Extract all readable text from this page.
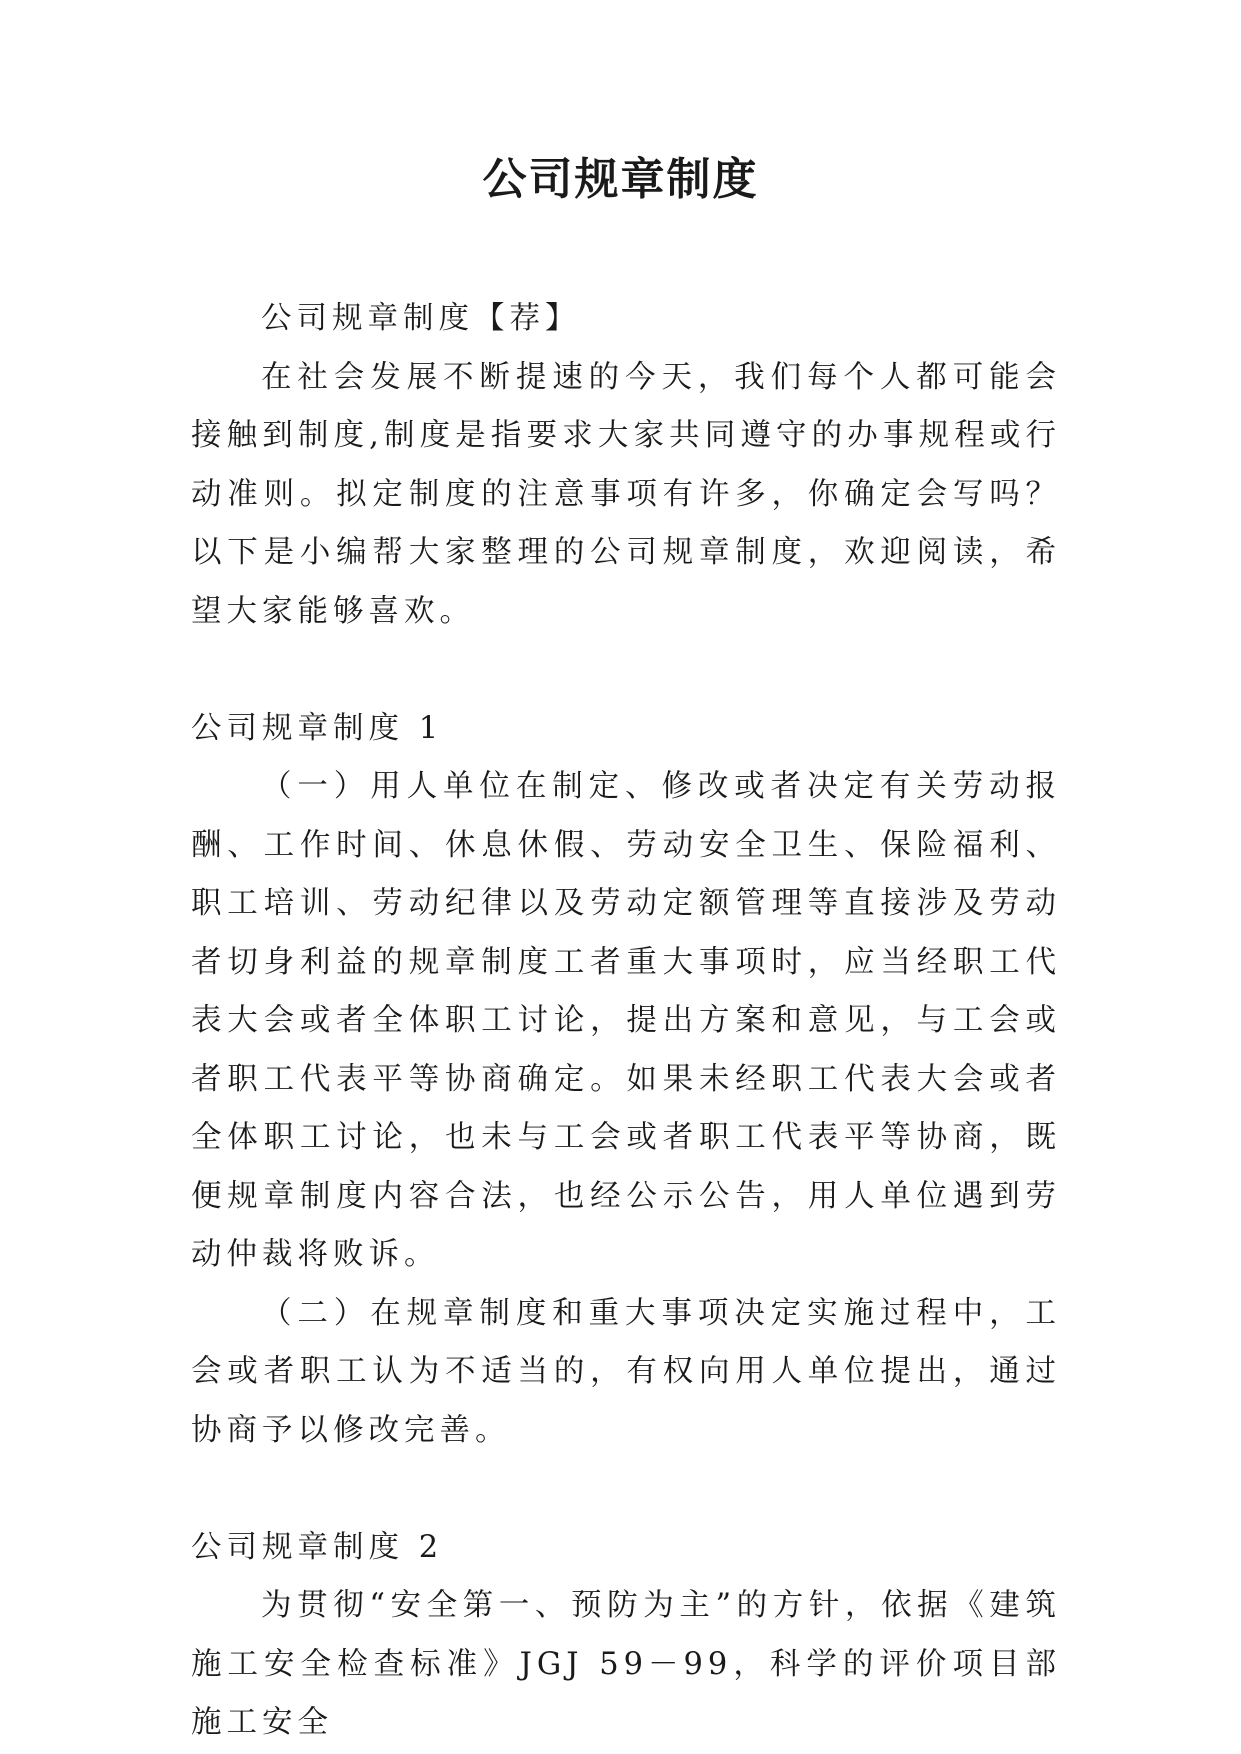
公司规章制度

公司规章制度【荐】

在社会发展不断提速的今天，我们每个人都可能会接触到制度,制度是指要求大家共同遵守的办事规程或行动准则。拟定制度的注意事项有许多，你确定会写吗？以下是小编帮大家整理的公司规章制度，欢迎阅读，希望大家能够喜欢。

公司规章制度 1

（一）用人单位在制定、修改或者决定有关劳动报酬、工作时间、休息休假、劳动安全卫生、保险福利、职工培训、劳动纪律以及劳动定额管理等直接涉及劳动者切身利益的规章制度工者重大事项时，应当经职工代表大会或者全体职工讨论，提出方案和意见，与工会或者职工代表平等协商确定。如果未经职工代表大会或者全体职工讨论，也未与工会或者职工代表平等协商，既便规章制度内容合法，也经公示公告，用人单位遇到劳动仲裁将败诉。

（二）在规章制度和重大事项决定实施过程中，工会或者职工认为不适当的，有权向用人单位提出，通过协商予以修改完善。

公司规章制度 2

为贯彻“安全第一、预防为主”的方针，依据《建筑施工安全检查标准》JGJ 59－99，科学的评价项目部施工安全
